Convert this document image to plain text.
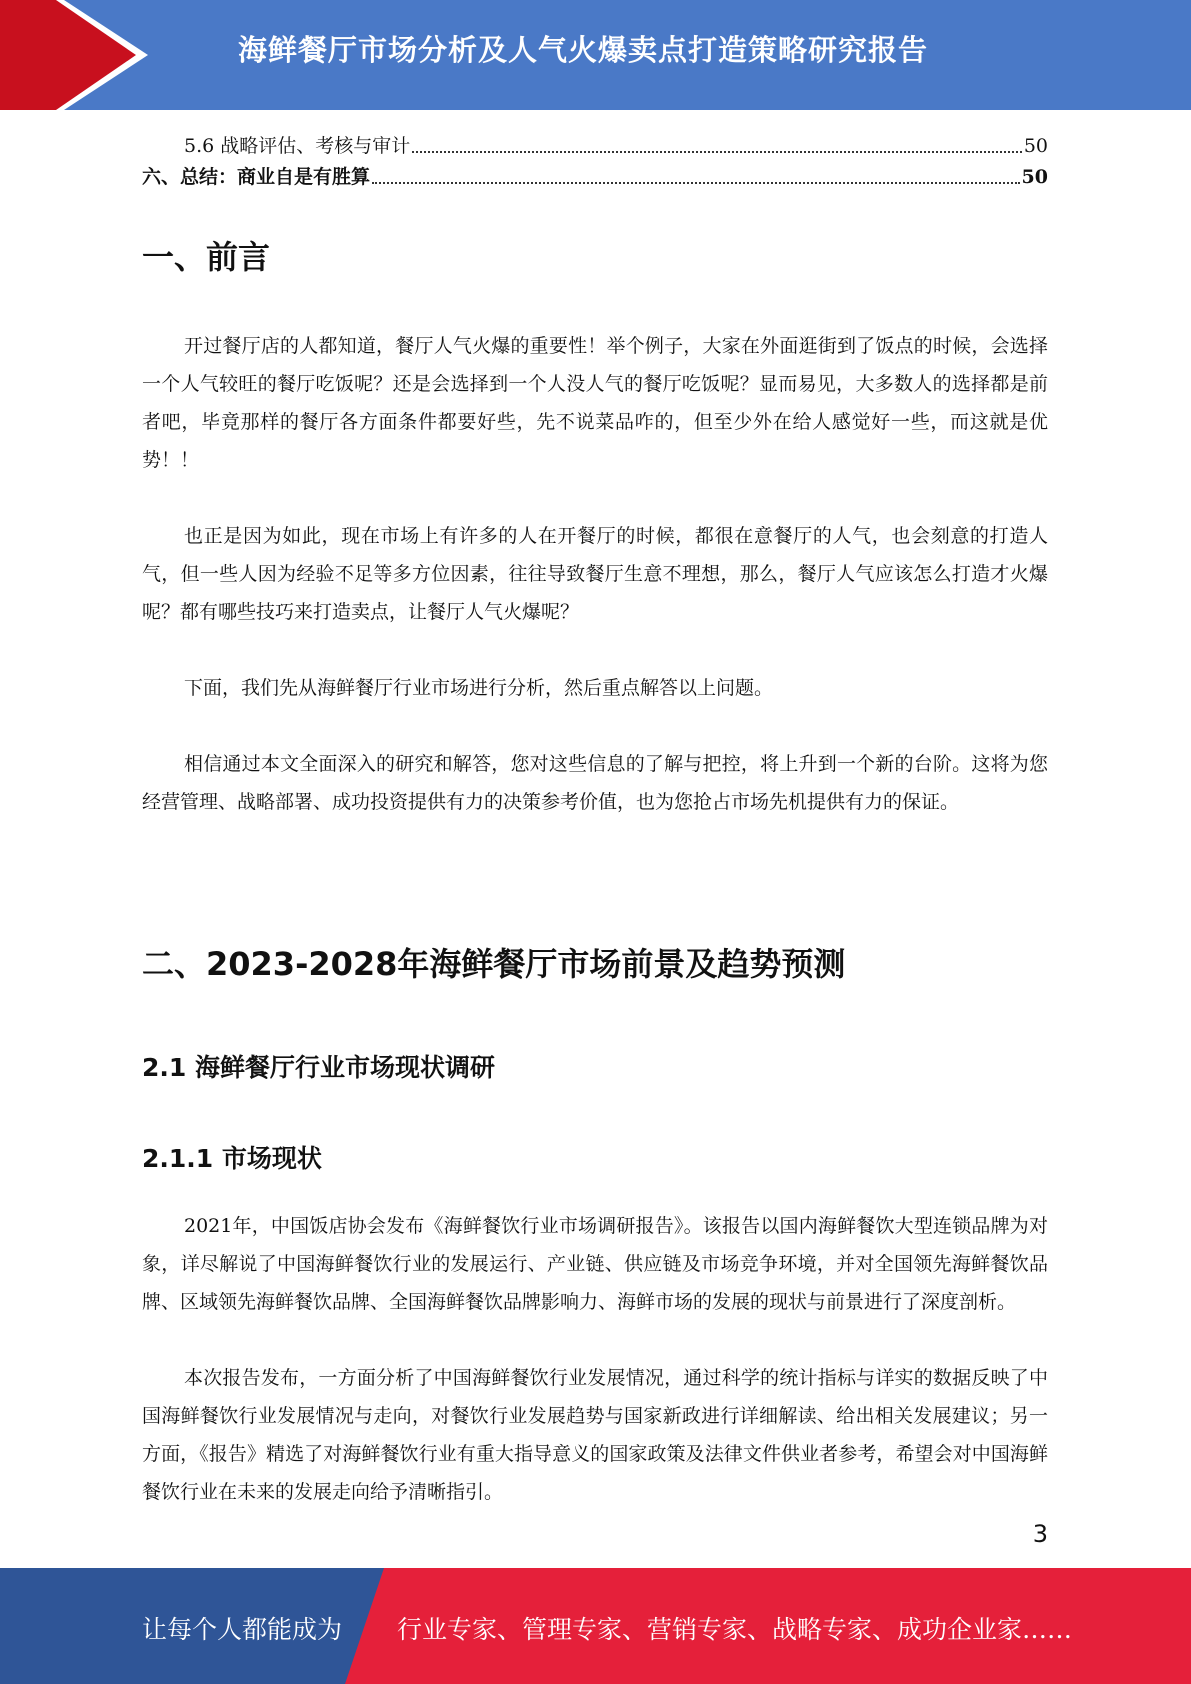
海鲜餐厅市场分析及人气火爆卖点打造策略研究报告
5.6 战略评估、考核与审计	50
六、总结：商业自是有胜算	50
一、前言

开过餐厅店的人都知道，餐厅人气火爆的重要性！举个例子，大家在外面逛街到了饭点的时候，会选择一个人气较旺的餐厅吃饭呢？还是会选择到一个人没人气的餐厅吃饭呢？显而易见，大多数人的选择都是前者吧，毕竟那样的餐厅各方面条件都要好些，先不说菜品咋的，但至少外在给人感觉好一些，而这就是优势！！

也正是因为如此，现在市场上有许多的人在开餐厅的时候，都很在意餐厅的人气，也会刻意的打造人气，但一些人因为经验不足等多方位因素，往往导致餐厅生意不理想，那么，餐厅人气应该怎么打造才火爆呢？都有哪些技巧来打造卖点，让餐厅人气火爆呢？

下面，我们先从海鲜餐厅行业市场进行分析，然后重点解答以上问题。

相信通过本文全面深入的研究和解答，您对这些信息的了解与把控，将上升到一个新的台阶。这将为您经营管理、战略部署、成功投资提供有力的决策参考价值，也为您抢占市场先机提供有力的保证。

二、2023-2028年海鲜餐厅市场前景及趋势预测
2.1 海鲜餐厅行业市场现状调研
2.1.1 市场现状

2021年，中国饭店协会发布《海鲜餐饮行业市场调研报告》。该报告以国内海鲜餐饮大型连锁品牌为对象，详尽解说了中国海鲜餐饮行业的发展运行、产业链、供应链及市场竞争环境，并对全国领先海鲜餐饮品牌、区域领先海鲜餐饮品牌、全国海鲜餐饮品牌影响力、海鲜市场的发展的现状与前景进行了深度剖析。

本次报告发布，一方面分析了中国海鲜餐饮行业发展情况，通过科学的统计指标与详实的数据反映了中国海鲜餐饮行业发展情况与走向，对餐饮行业发展趋势与国家新政进行详细解读、给出相关发展建议；另一方面，《报告》精选了对海鲜餐饮行业有重大指导意义的国家政策及法律文件供业者参考，希望会对中国海鲜餐饮行业在未来的发展走向给予清晰指引。

3
让每个人都能成为 行业专家、管理专家、营销专家、战略专家、成功企业家……
